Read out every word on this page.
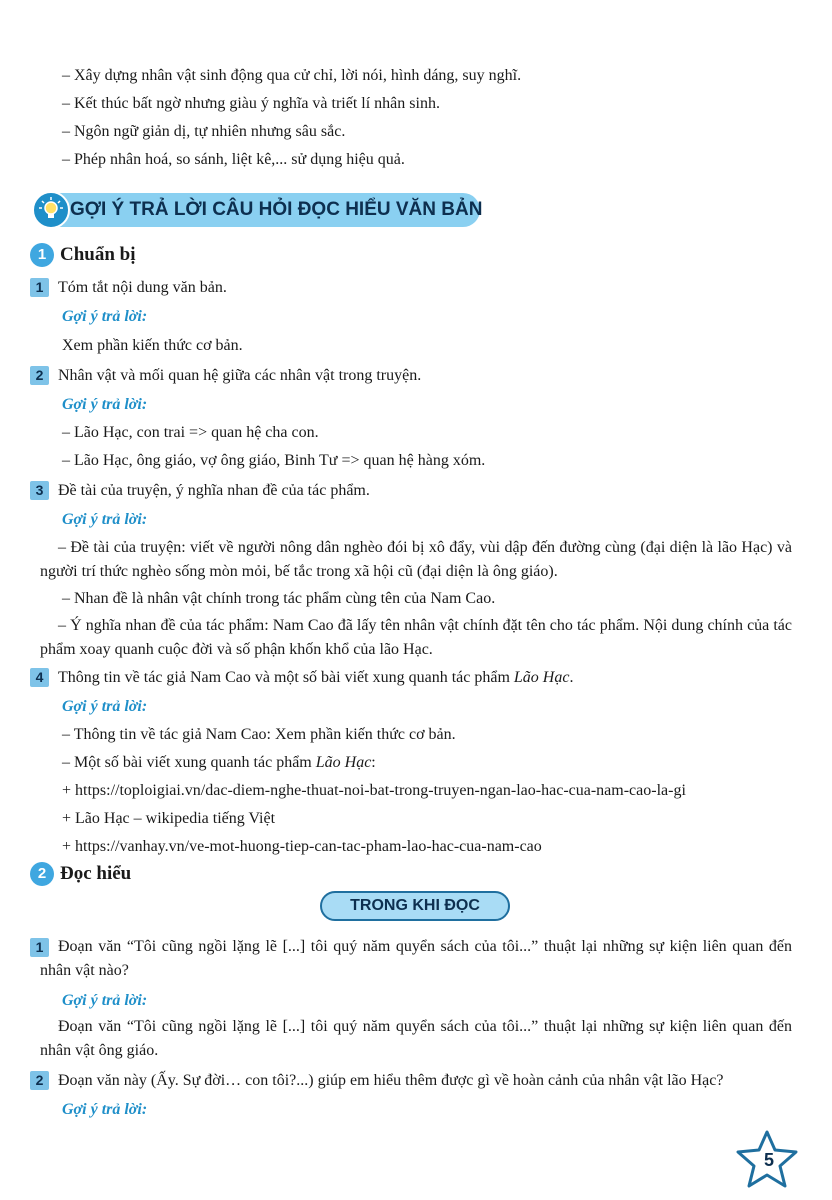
– Xây dựng nhân vật sinh động qua cử chỉ, lời nói, hình dáng, suy nghĩ.
– Kết thúc bất ngờ nhưng giàu ý nghĩa và triết lí nhân sinh.
– Ngôn ngữ giản dị, tự nhiên nhưng sâu sắc.
– Phép nhân hoá, so sánh, liệt kê,... sử dụng hiệu quả.
GỢI Ý TRẢ LỜI CÂU HỎI ĐỌC HIỂU VĂN BẢN
1 Chuẩn bị
1 Tóm tắt nội dung văn bản.
Gợi ý trả lời:
Xem phần kiến thức cơ bản.
2 Nhân vật và mối quan hệ giữa các nhân vật trong truyện.
Gợi ý trả lời:
– Lão Hạc, con trai => quan hệ cha con.
– Lão Hạc, ông giáo, vợ ông giáo, Binh Tư => quan hệ hàng xóm.
3 Đề tài của truyện, ý nghĩa nhan đề của tác phẩm.
Gợi ý trả lời:
– Đề tài của truyện: viết về người nông dân nghèo đói bị xô đẩy, vùi dập đến đường cùng (đại diện là lão Hạc) và người trí thức nghèo sống mòn mỏi, bế tắc trong xã hội cũ (đại diện là ông giáo).
– Nhan đề là nhân vật chính trong tác phẩm cùng tên của Nam Cao.
– Ý nghĩa nhan đề của tác phẩm: Nam Cao đã lấy tên nhân vật chính đặt tên cho tác phẩm. Nội dung chính của tác phẩm xoay quanh cuộc đời và số phận khốn khổ của lão Hạc.
4 Thông tin về tác giả Nam Cao và một số bài viết xung quanh tác phẩm Lão Hạc.
Gợi ý trả lời:
– Thông tin về tác giả Nam Cao: Xem phần kiến thức cơ bản.
– Một số bài viết xung quanh tác phẩm Lão Hạc:
+ https://toploigiai.vn/dac-diem-nghe-thuat-noi-bat-trong-truyen-ngan-lao-hac-cua-nam-cao-la-gi
+ Lão Hạc – wikipedia tiếng Việt
+ https://vanhay.vn/ve-mot-huong-tiep-can-tac-pham-lao-hac-cua-nam-cao
2 Đọc hiểu
TRONG KHI ĐỌC
1 Đoạn văn “Tôi cũng ngồi lặng lẽ [...] tôi quý năm quyển sách của tôi...” thuật lại những sự kiện liên quan đến nhân vật nào?
Gợi ý trả lời:
Đoạn văn “Tôi cũng ngồi lặng lẽ [...] tôi quý năm quyển sách của tôi...” thuật lại những sự kiện liên quan đến nhân vật ông giáo.
2 Đoạn văn này (Ấy. Sự đời… con tôi?...) giúp em hiểu thêm được gì về hoàn cảnh của nhân vật lão Hạc?
Gợi ý trả lời:
5
